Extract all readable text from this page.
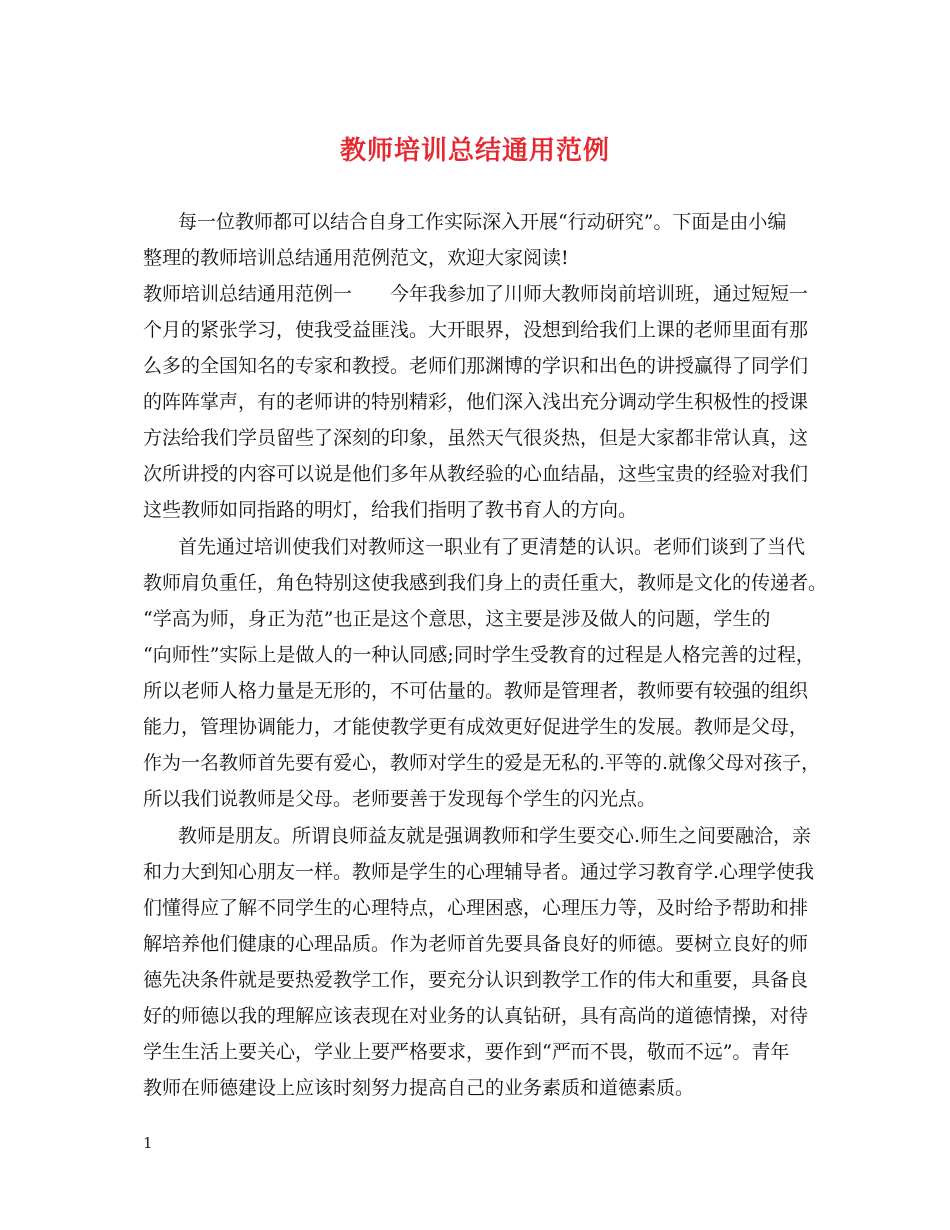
教师培训总结通用范例
每一位教师都可以结合自身工作实际深入开展“行动研究”。下面是由小编
整理的教师培训总结通用范例范文，欢迎大家阅读!
教师培训总结通用范例一　　今年我参加了川师大教师岗前培训班，通过短短一
个月的紧张学习，使我受益匪浅。大开眼界，没想到给我们上课的老师里面有那
么多的全国知名的专家和教授。老师们那渊博的学识和出色的讲授赢得了同学们
的阵阵掌声，有的老师讲的特别精彩，他们深入浅出充分调动学生积极性的授课
方法给我们学员留些了深刻的印象，虽然天气很炎热，但是大家都非常认真，这
次所讲授的内容可以说是他们多年从教经验的心血结晶，这些宝贵的经验对我们
这些教师如同指路的明灯，给我们指明了教书育人的方向。
首先通过培训使我们对教师这一职业有了更清楚的认识。老师们谈到了当代
教师肩负重任，角色特别这使我感到我们身上的责任重大，教师是文化的传递者。
“学高为师，身正为范”也正是这个意思，这主要是涉及做人的问题，学生的
“向师性”实际上是做人的一种认同感;同时学生受教育的过程是人格完善的过程，
所以老师人格力量是无形的，不可估量的。教师是管理者，教师要有较强的组织
能力，管理协调能力，才能使教学更有成效更好促进学生的发展。教师是父母，
作为一名教师首先要有爱心，教师对学生的爱是无私的.平等的.就像父母对孩子，
所以我们说教师是父母。老师要善于发现每个学生的闪光点。
教师是朋友。所谓良师益友就是强调教师和学生要交心.师生之间要融洽，亲
和力大到知心朋友一样。教师是学生的心理辅导者。通过学习教育学.心理学使我
们懂得应了解不同学生的心理特点，心理困惑，心理压力等，及时给予帮助和排
解培养他们健康的心理品质。作为老师首先要具备良好的师德。要树立良好的师
德先决条件就是要热爱教学工作，要充分认识到教学工作的伟大和重要，具备良
好的师德以我的理解应该表现在对业务的认真钻研，具有高尚的道德情操，对待
学生生活上要关心，学业上要严格要求，要作到“严而不畏，敬而不远”。青年
教师在师德建设上应该时刻努力提高自己的业务素质和道德素质。
1
